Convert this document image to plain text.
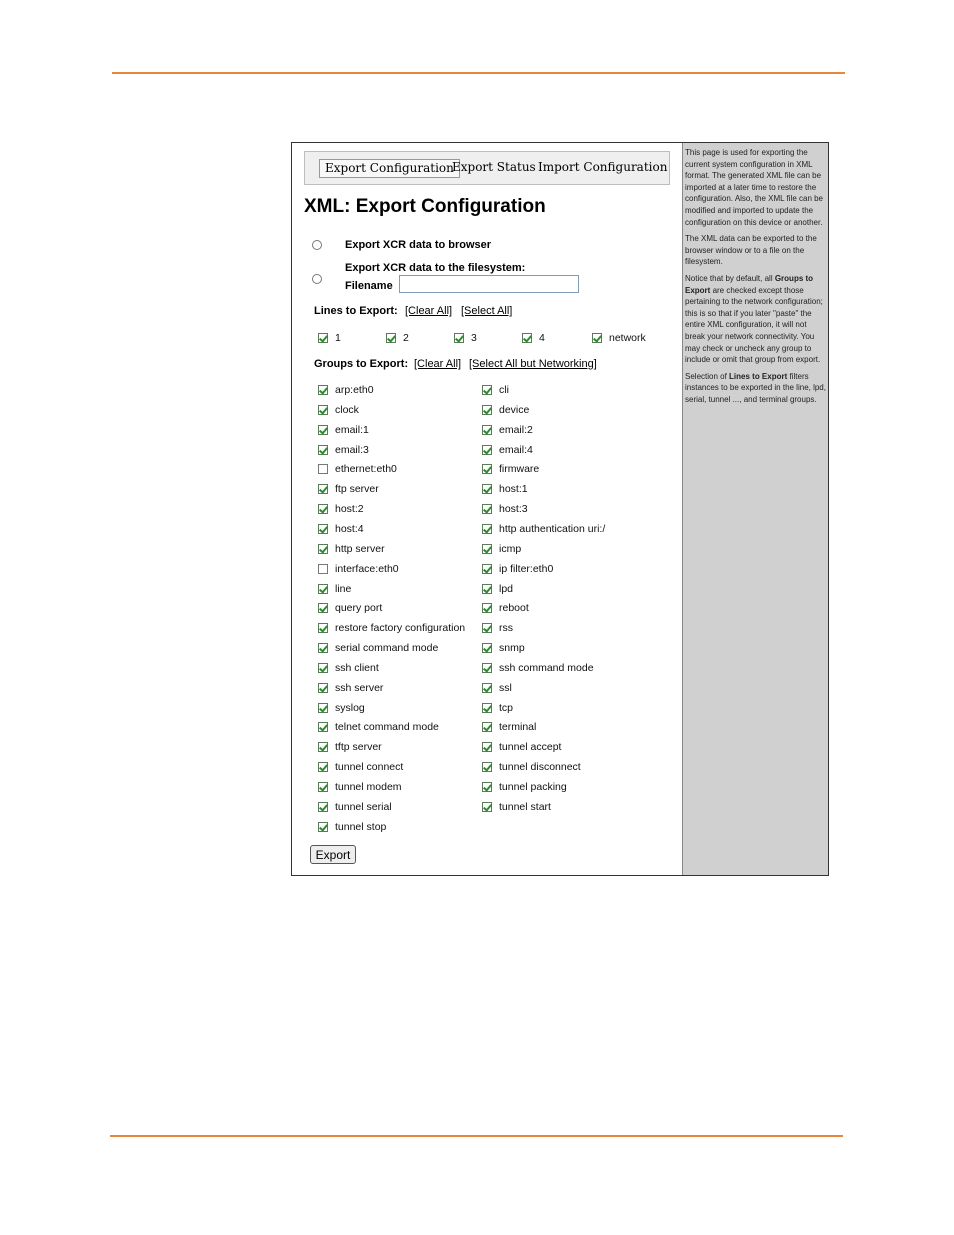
Export Configuration
Export Status Import Configuration
XML: Export Configuration
Export XCR data to browser
Export XCR data to the filesystem:
Filename
Lines to Export: [Clear All] [Select All]
1	2	3	4	network
Groups to Export: [Clear All] [Select All but Networking]
arp:eth0	cli
clock	device
email:1	email:2
email:3	email:4
ethernet:eth0	firmware
ftp server	host:1
host:2	host:3
host:4	http authentication uri:/
http server	icmp
interface:eth0	ip filter:eth0
line	lpd
query port	reboot
restore factory configuration	rss
serial command mode	snmp
ssh client	ssh command mode
ssh server	ssl
syslog	tcp
telnet command mode	terminal
tftp server	tunnel accept
tunnel connect	tunnel disconnect
tunnel modem	tunnel packing
tunnel serial	tunnel start
tunnel stop
Export

This page is used for exporting the current system configuration in XML format. The generated XML file can be imported at a later time to restore the configuration. Also, the XML file can be modified and imported to update the configuration on this device or another.

The XML data can be exported to the browser window or to a file on the filesystem.

Notice that by default, all Groups to Export are checked except those pertaining to the network configuration; this is so that if you later "paste" the entire XML configuration, it will not break your network connectivity. You may check or uncheck any group to include or omit that group from export.

Selection of Lines to Export filters instances to be exported in the line, lpd, serial, tunnel ..., and terminal groups.
